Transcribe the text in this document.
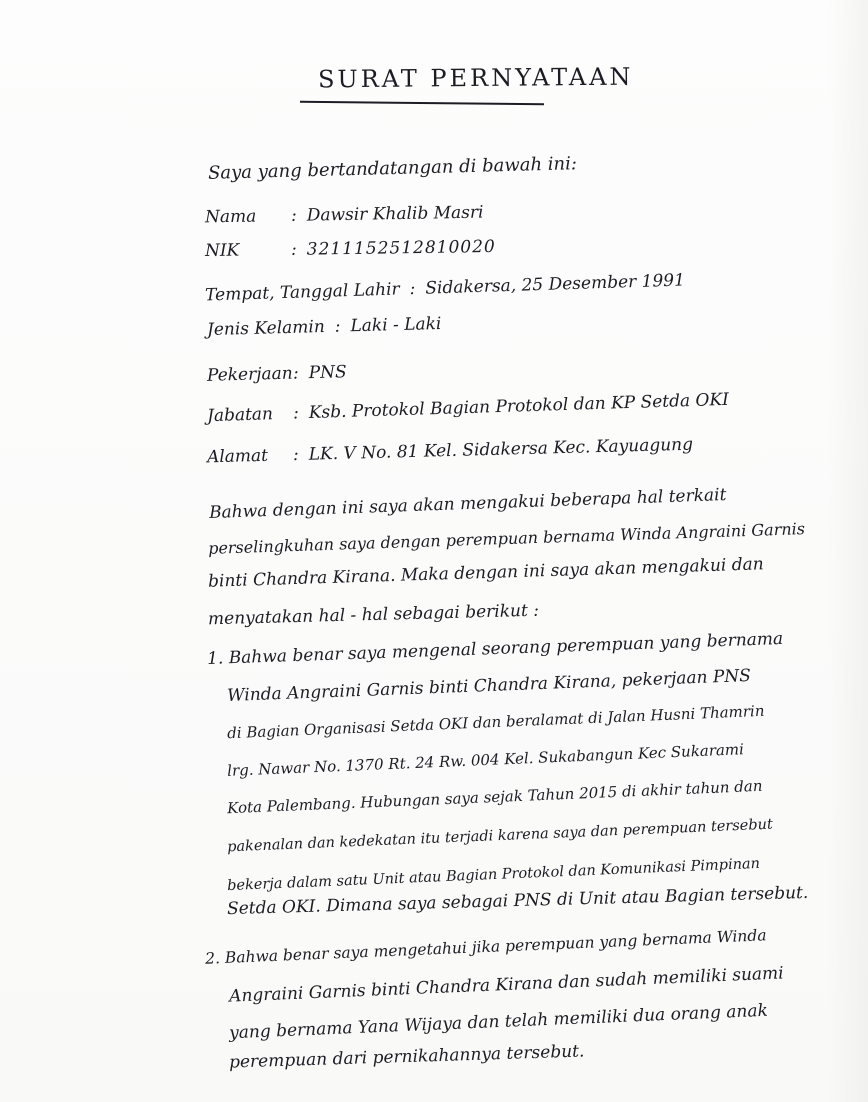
SURAT PERNYATAAN
Saya yang bertandatangan di bawah ini:
Nama : Dawsir Khalib Masri
NIK	: 3211152512810020
Tempat, Tanggal Lahir : Sidakersa, 25 Desember 1991
Jenis Kelamin : Laki - Laki
Pekerjaan: PNS
Jabatan : Ksb. Protokol Bagian Protokol dan KP Setda OKI
Alamat : LK. V No. 81 Kel. Sidakersa Kec. Kayuagung
Bahwa dengan ini saya akan mengakui beberapa hal terkait
perselingkuhan saya dengan perempuan bernama Winda Angraini Garnis
binti Chandra Kirana. Maka dengan ini saya akan mengakui dan
menyatakan hal - hal sebagai berikut :
1. Bahwa benar saya mengenal seorang perempuan yang bernama
Winda Angraini Garnis binti Chandra Kirana, pekerjaan PNS
di Bagian Organisasi Setda OKI dan beralamat di Jalan Husni Thamrin
lrg. Nawar No. 1370 Rt. 24 Rw. 004 Kel. Sukabangun Kec Sukarami
Kota Palembang. Hubungan saya sejak Tahun 2015 di akhir tahun dan
pakenalan dan kedekatan itu terjadi karena saya dan perempuan tersebut
bekerja dalam satu Unit atau Bagian Protokol dan Komunikasi Pimpinan
Setda OKI. Dimana saya sebagai PNS di Unit atau Bagian tersebut.
2. Bahwa benar saya mengetahui jika perempuan yang bernama Winda
Angraini Garnis binti Chandra Kirana dan sudah memiliki suami
yang bernama Yana Wijaya dan telah memiliki dua orang anak
perempuan dari pernikahannya tersebut.
